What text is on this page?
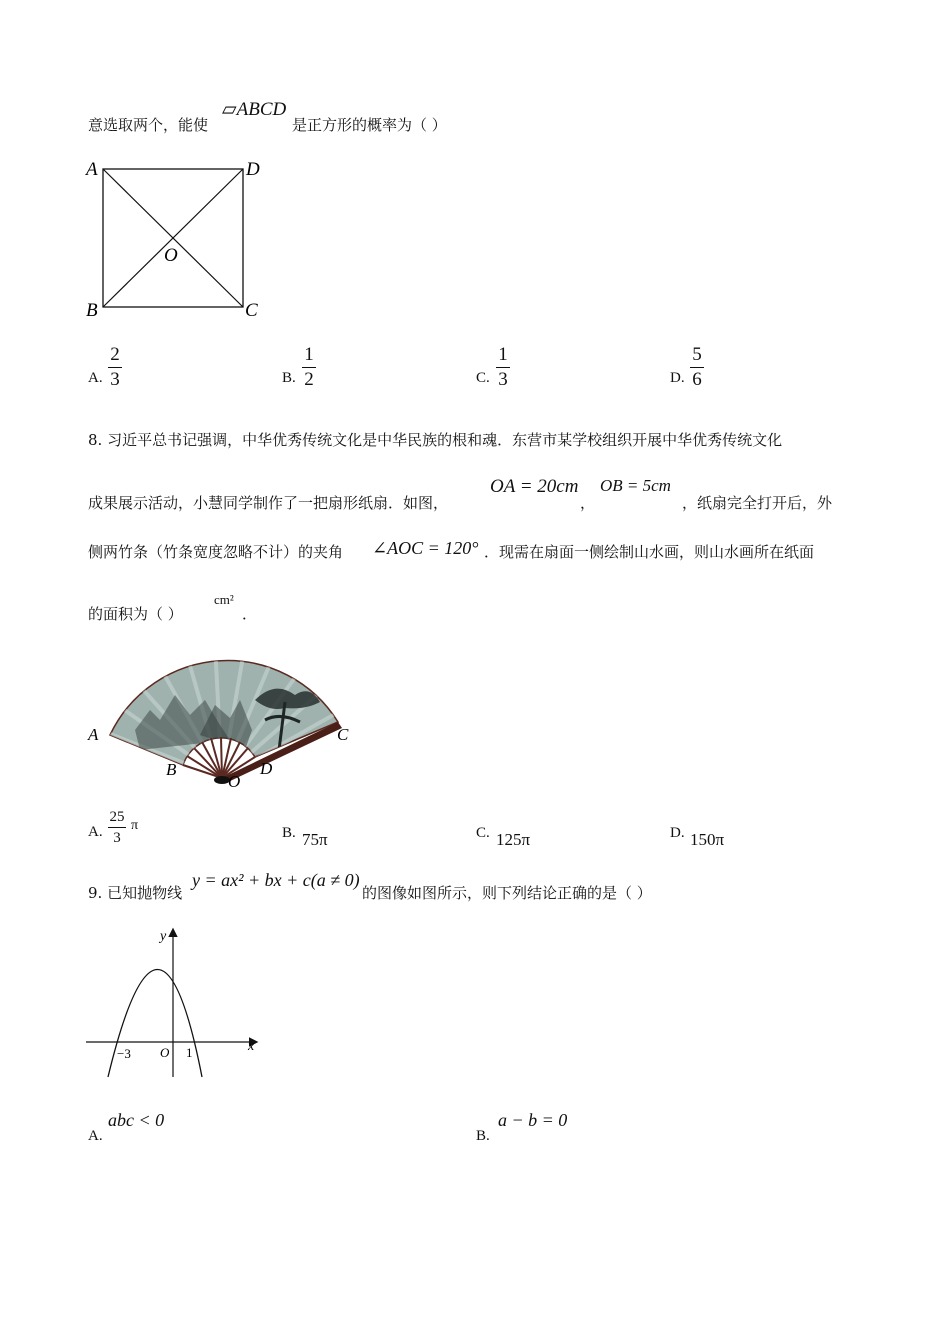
意选取两个，能使
▱ABCD
是正方形的概率为（ ）
A	D
B	C
O
A.
2
3	B.
1
2	C.
1
3	D.
5
6
8. 习近平总书记强调，中华优秀传统文化是中华民族的根和魂．东营市某学校组织开展中华优秀传统文化
成果展示活动，小慧同学制作了一把扇形纸扇．如图，
OA = 20cm
，
OB = 5cm
，纸扇完全打开后，外
侧两竹条（竹条宽度忽略不计）的夹角 ∠AOC = 120° ．现需在扇面一侧绘制山水画，则山水画所在纸面
的面积为（ ）
cm²
．
A
B
O
D
C
A.
25
3
π	B. 75π	C. 125π	D. 150π
9. 已知抛物线
y = ax² + bx + c(a ≠ 0)
的图像如图所示，则下列结论正确的是（ ）
y
x
O
−3	1
A.
abc < 0
B.
a − b = 0
